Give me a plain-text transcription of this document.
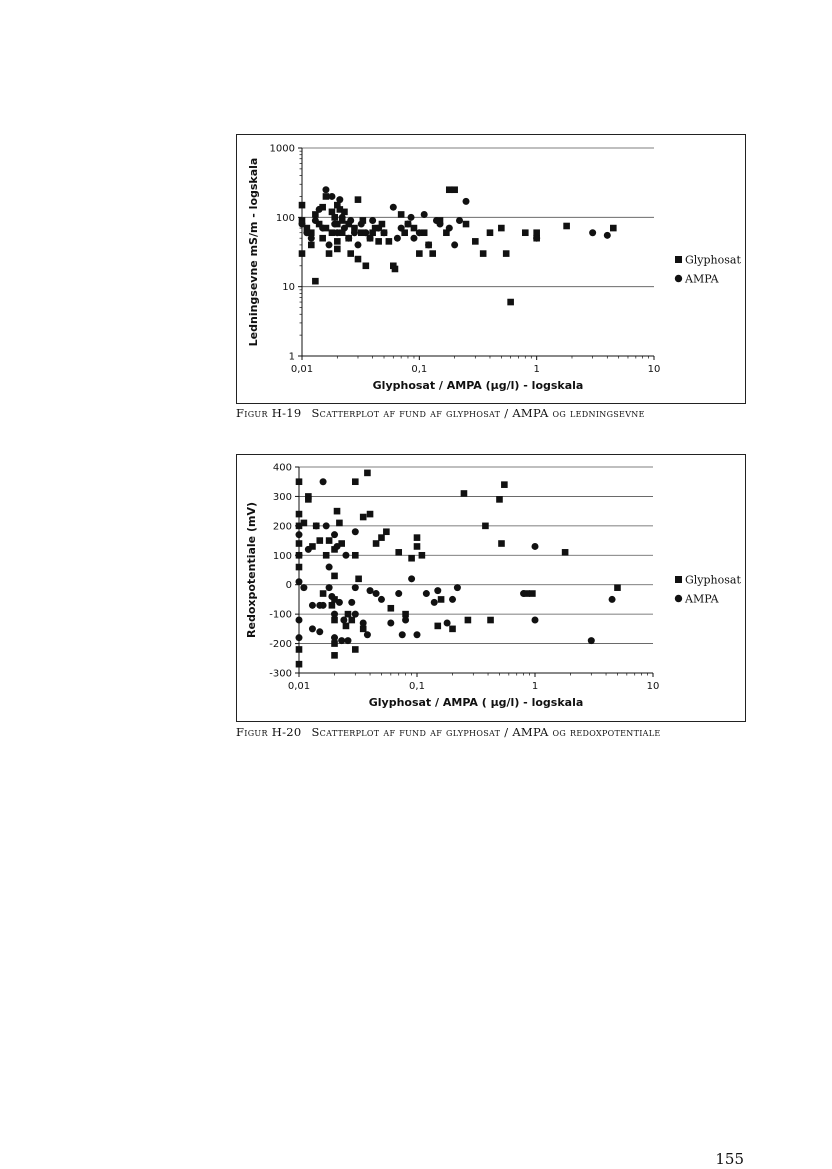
1
10
100
1000
0,01	0,1	1	10
Glyphosat / AMPA (µg/l) - logskala
Ledningsevne mS/m - logskala	Glyphosat
AMPA
Figur H-19 Scatterplot af fund af glyphosat / AMPA og ledningsevne
-300
-200
-100
0
100
200
300
400
0,01	0,1	1	10
Glyphosat / AMPA ( µg/l) - logskala
Redoxpotentiale (mV)	Glyphosat
AMPA
Figur H-20 Scatterplot af fund af glyphosat / AMPA og redoxpotentiale
155
